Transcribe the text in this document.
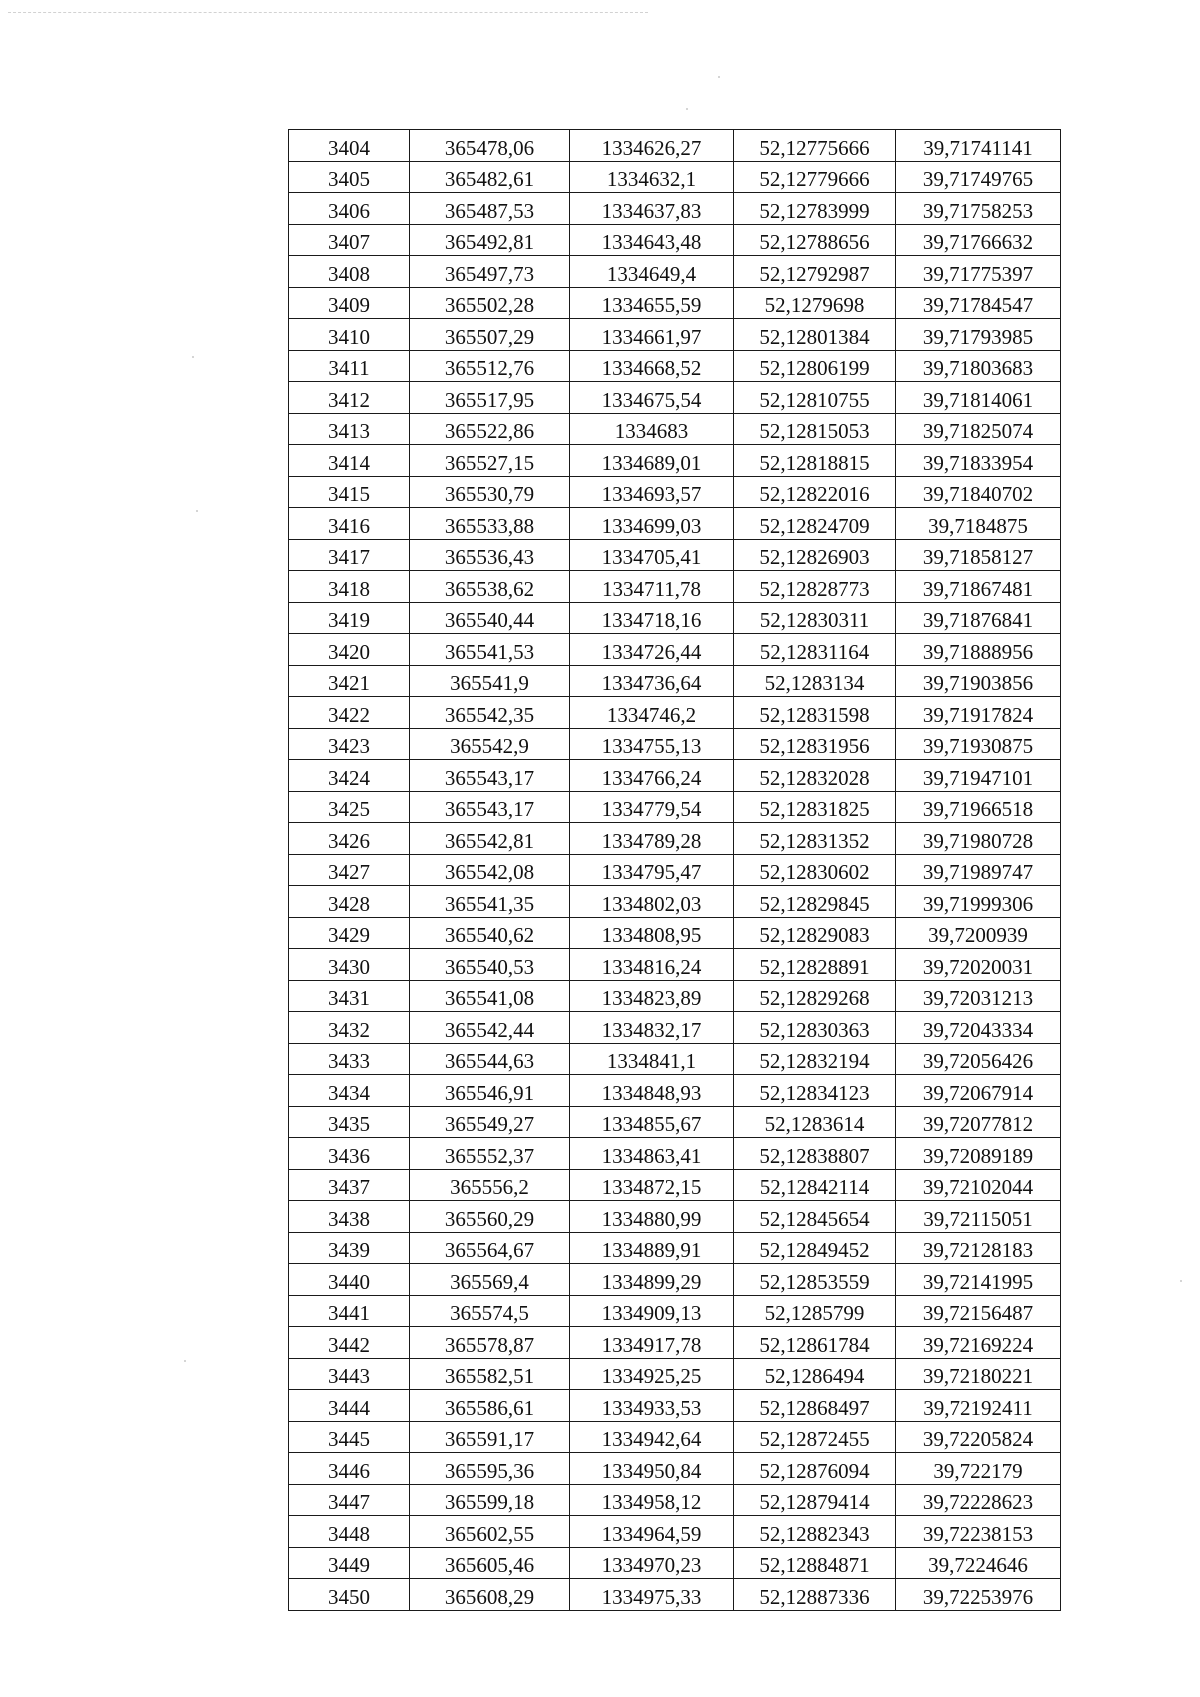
3404	365478,06	1334626,27	52,12775666	39,71741141
3405	365482,61	1334632,1	52,12779666	39,71749765
3406	365487,53	1334637,83	52,12783999	39,71758253
3407	365492,81	1334643,48	52,12788656	39,71766632
3408	365497,73	1334649,4	52,12792987	39,71775397
3409	365502,28	1334655,59	52,1279698	39,71784547
3410	365507,29	1334661,97	52,12801384	39,71793985
3411	365512,76	1334668,52	52,12806199	39,71803683
3412	365517,95	1334675,54	52,12810755	39,71814061
3413	365522,86	1334683	52,12815053	39,71825074
3414	365527,15	1334689,01	52,12818815	39,71833954
3415	365530,79	1334693,57	52,12822016	39,71840702
3416	365533,88	1334699,03	52,12824709	39,7184875
3417	365536,43	1334705,41	52,12826903	39,71858127
3418	365538,62	1334711,78	52,12828773	39,71867481
3419	365540,44	1334718,16	52,12830311	39,71876841
3420	365541,53	1334726,44	52,12831164	39,71888956
3421	365541,9	1334736,64	52,1283134	39,71903856
3422	365542,35	1334746,2	52,12831598	39,71917824
3423	365542,9	1334755,13	52,12831956	39,71930875
3424	365543,17	1334766,24	52,12832028	39,71947101
3425	365543,17	1334779,54	52,12831825	39,71966518
3426	365542,81	1334789,28	52,12831352	39,71980728
3427	365542,08	1334795,47	52,12830602	39,71989747
3428	365541,35	1334802,03	52,12829845	39,71999306
3429	365540,62	1334808,95	52,12829083	39,7200939
3430	365540,53	1334816,24	52,12828891	39,72020031
3431	365541,08	1334823,89	52,12829268	39,72031213
3432	365542,44	1334832,17	52,12830363	39,72043334
3433	365544,63	1334841,1	52,12832194	39,72056426
3434	365546,91	1334848,93	52,12834123	39,72067914
3435	365549,27	1334855,67	52,1283614	39,72077812
3436	365552,37	1334863,41	52,12838807	39,72089189
3437	365556,2	1334872,15	52,12842114	39,72102044
3438	365560,29	1334880,99	52,12845654	39,72115051
3439	365564,67	1334889,91	52,12849452	39,72128183
3440	365569,4	1334899,29	52,12853559	39,72141995
3441	365574,5	1334909,13	52,1285799	39,72156487
3442	365578,87	1334917,78	52,12861784	39,72169224
3443	365582,51	1334925,25	52,1286494	39,72180221
3444	365586,61	1334933,53	52,12868497	39,72192411
3445	365591,17	1334942,64	52,12872455	39,72205824
3446	365595,36	1334950,84	52,12876094	39,722179
3447	365599,18	1334958,12	52,12879414	39,72228623
3448	365602,55	1334964,59	52,12882343	39,72238153
3449	365605,46	1334970,23	52,12884871	39,7224646
3450	365608,29	1334975,33	52,12887336	39,72253976
